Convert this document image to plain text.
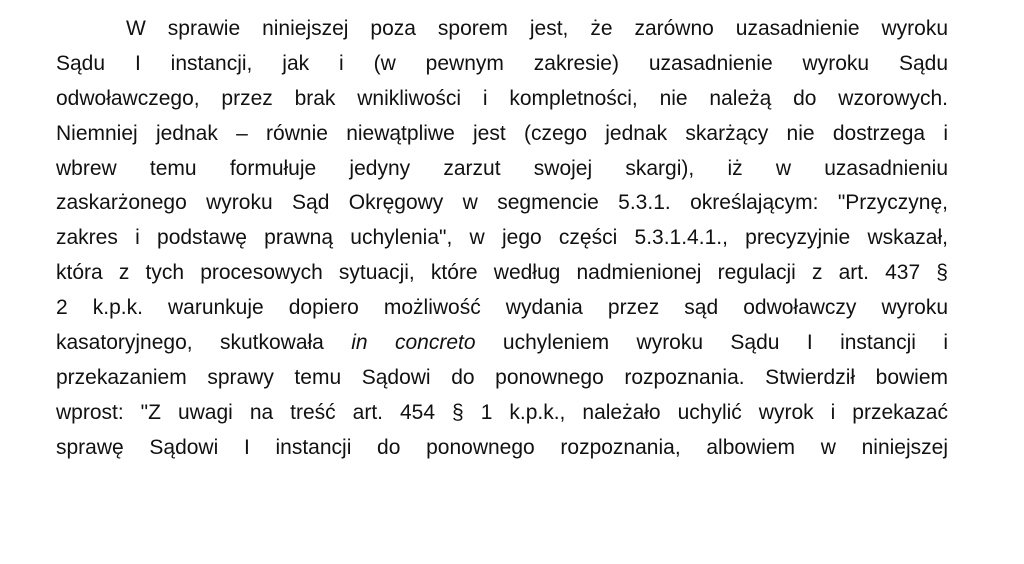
W sprawie niniejszej poza sporem jest, że zarówno uzasadnienie wyroku
Sądu I instancji, jak i (w pewnym zakresie) uzasadnienie wyroku Sądu
odwoławczego, przez brak wnikliwości i kompletności, nie należą do wzorowych.
Niemniej jednak – równie niewątpliwe jest (czego jednak skarżący nie dostrzega i
wbrew temu formułuje jedyny zarzut swojej skargi), iż w uzasadnieniu
zaskarżonego wyroku Sąd Okręgowy w segmencie 5.3.1. określającym: "Przyczynę,
zakres i podstawę prawną uchylenia", w jego części 5.3.1.4.1., precyzyjnie wskazał,
która z tych procesowych sytuacji, które według nadmienionej regulacji z art. 437 §
2 k.p.k. warunkuje dopiero możliwość wydania przez sąd odwoławczy wyroku
kasatoryjnego, skutkowała in concreto uchyleniem wyroku Sądu I instancji i
przekazaniem sprawy temu Sądowi do ponownego rozpoznania. Stwierdził bowiem
wprost: "Z uwagi na treść art. 454 § 1 k.p.k., należało uchylić wyrok i przekazać
sprawę Sądowi I instancji do ponownego rozpoznania, albowiem w niniejszej
